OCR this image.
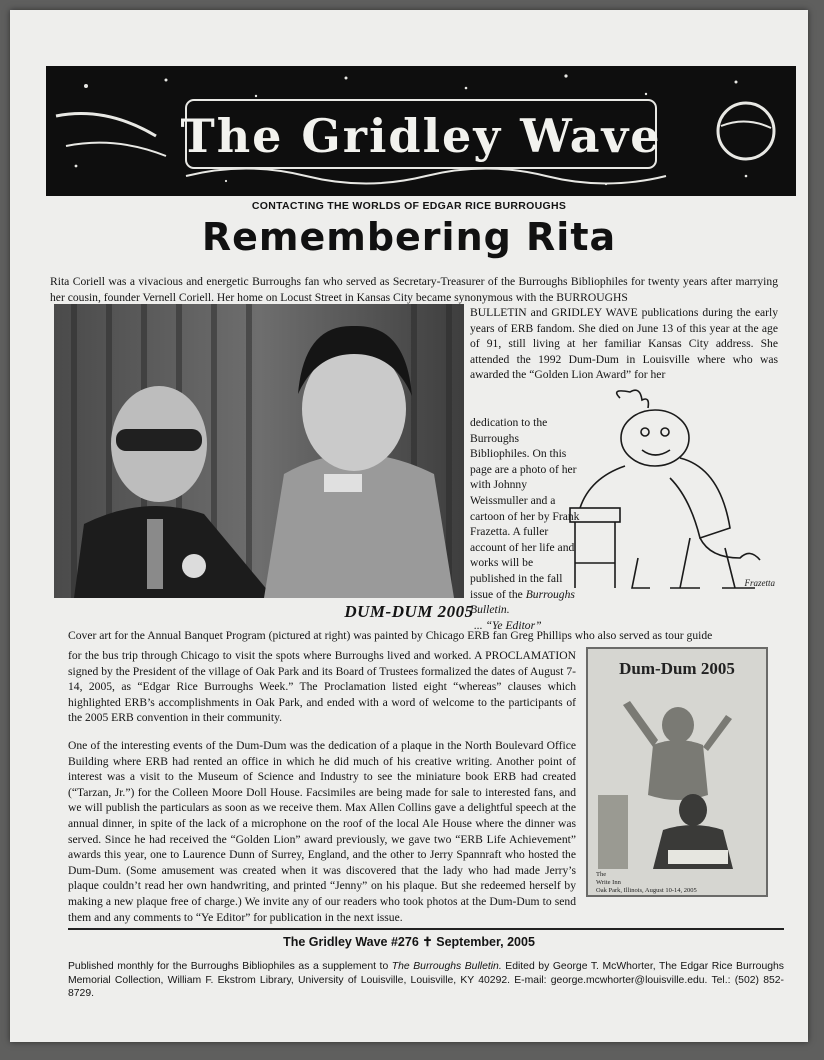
The Gridley Wave
CONTACTING THE WORLDS OF EDGAR RICE BURROUGHS
Remembering Rita

Rita Coriell was a vivacious and energetic Burroughs fan who served as Secretary-Treasurer of the Burroughs Bibliophiles for twenty years after marrying her cousin, founder Vernell Coriell. Her home on Locust Street in Kansas City became synonymous with the BURROUGHS

BULLETIN and GRIDLEY WAVE publications during the early years of ERB fandom. She died on June 13 of this year at the age of 91, still living at her familiar Kansas City address. She attended the 1992 Dum-Dum in Louisville where who was awarded the “Golden Lion Award” for her

dedication to the Burroughs Bibliophiles. On this page are a photo of her with Johnny Weissmuller and a cartoon of her by Frank Frazetta. A fuller account of her life and works will be published in the fall issue of the Burroughs Bulletin.
... “Ye Editor”

Frazetta
DUM-DUM 2005

Cover art for the Annual Banquet Program (pictured at right) was painted by Chicago ERB fan Greg Phillips who also served as tour guide

for the bus trip through Chicago to visit the spots where Burroughs lived and worked. A PROCLAMATION signed by the President of the village of Oak Park and its Board of Trustees formalized the dates of August 7-14, 2005, as “Edgar Rice Burroughs Week.” The Proclamation listed eight “whereas” clauses which highlighted ERB’s accomplishments in Oak Park, and ended with a word of welcome to the participants of the 2005 ERB convention in their community.

One of the interesting events of the Dum-Dum was the dedication of a plaque in the North Boulevard Office Building where ERB had rented an office in which he did much of his creative writing. Another point of interest was a visit to the Museum of Science and Industry to see the miniature book ERB had created (“Tarzan, Jr.”) for the Colleen Moore Doll House. Facsimiles are being made for sale to interested fans, and we will publish the particulars as soon as we receive them. Max Allen Collins gave a delightful speech at the annual dinner, in spite of the lack of a microphone on the roof of the local Ale House where the dinner was served. Since he had received the “Golden Lion” award previously, we gave two “ERB Life Achievement” awards this year, one to Laurence Dunn of Surrey, England, and the other to Jerry Spannraft who hosted the Dum-Dum. (Some amusement was created when it was discovered that the lady who had made Jerry’s plaque couldn’t read her own handwriting, and printed “Jenny” on his plaque. But she redeemed herself by making a new plaque free of charge.) We invite any of our readers who took photos at the Dum-Dum to send them and any comments to “Ye Editor” for publication in the next issue.

Dum-Dum 2005
The
Write Inn
Oak Park, Illinois, August 10-14, 2005
The Gridley Wave #276 ✝ September, 2005

Published monthly for the Burroughs Bibliophiles as a supplement to The Burroughs Bulletin. Edited by George T. McWhorter, The Edgar Rice Burroughs Memorial Collection, William F. Ekstrom Library, University of Louisville, Louisville, KY 40292. E-mail: george.mcwhorter@louisville.edu. Tel.: (502) 852-8729.
